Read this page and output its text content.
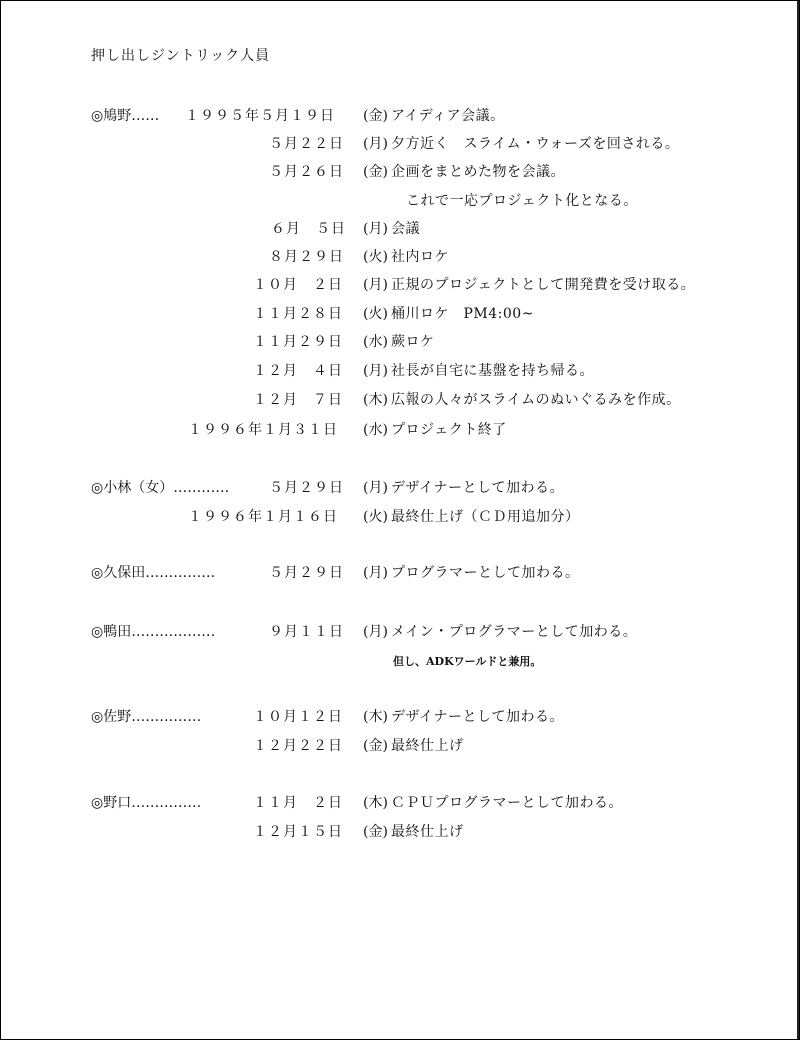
押し出しジントリック人員
◎鳩野…… １９９５年５月１９日 (金) アイディア会議。
５月２２日 (月) 夕方近く　スライム・ウォーズを回される。
５月２６日 (金) 企画をまとめた物を会議。
これで一応プロジェクト化となる。
６月　５日 (月) 会議
８月２９日 (火) 社内ロケ
１０月　２日 (月) 正規のプロジェクトとして開発費を受け取る。
１１月２８日 (火) 桶川ロケ　PM4:00~
１１月２９日 (水) 蕨ロケ
１２月　４日 (月) 社長が自宅に基盤を持ち帰る。
１２月　７日 (木) 広報の人々がスライムのぬいぐるみを作成。
１９９６年１月３１日 (水) プロジェクト終了
◎小林（女）…………	５月２９日 (月) デザイナーとして加わる。
１９９６年１月１６日 (火) 最終仕上げ（ＣＤ用追加分）
◎久保田……………	５月２９日 (月) プログラマーとして加わる。
◎鴨田………………	９月１１日 (月) メイン・プログラマーとして加わる。
但し、ADKワールドと兼用。
◎佐野……………	１０月１２日 (木) デザイナーとして加わる。
１２月２２日 (金) 最終仕上げ
◎野口……………	１１月　２日 (木) ＣＰＵプログラマーとして加わる。
１２月１５日 (金) 最終仕上げ
